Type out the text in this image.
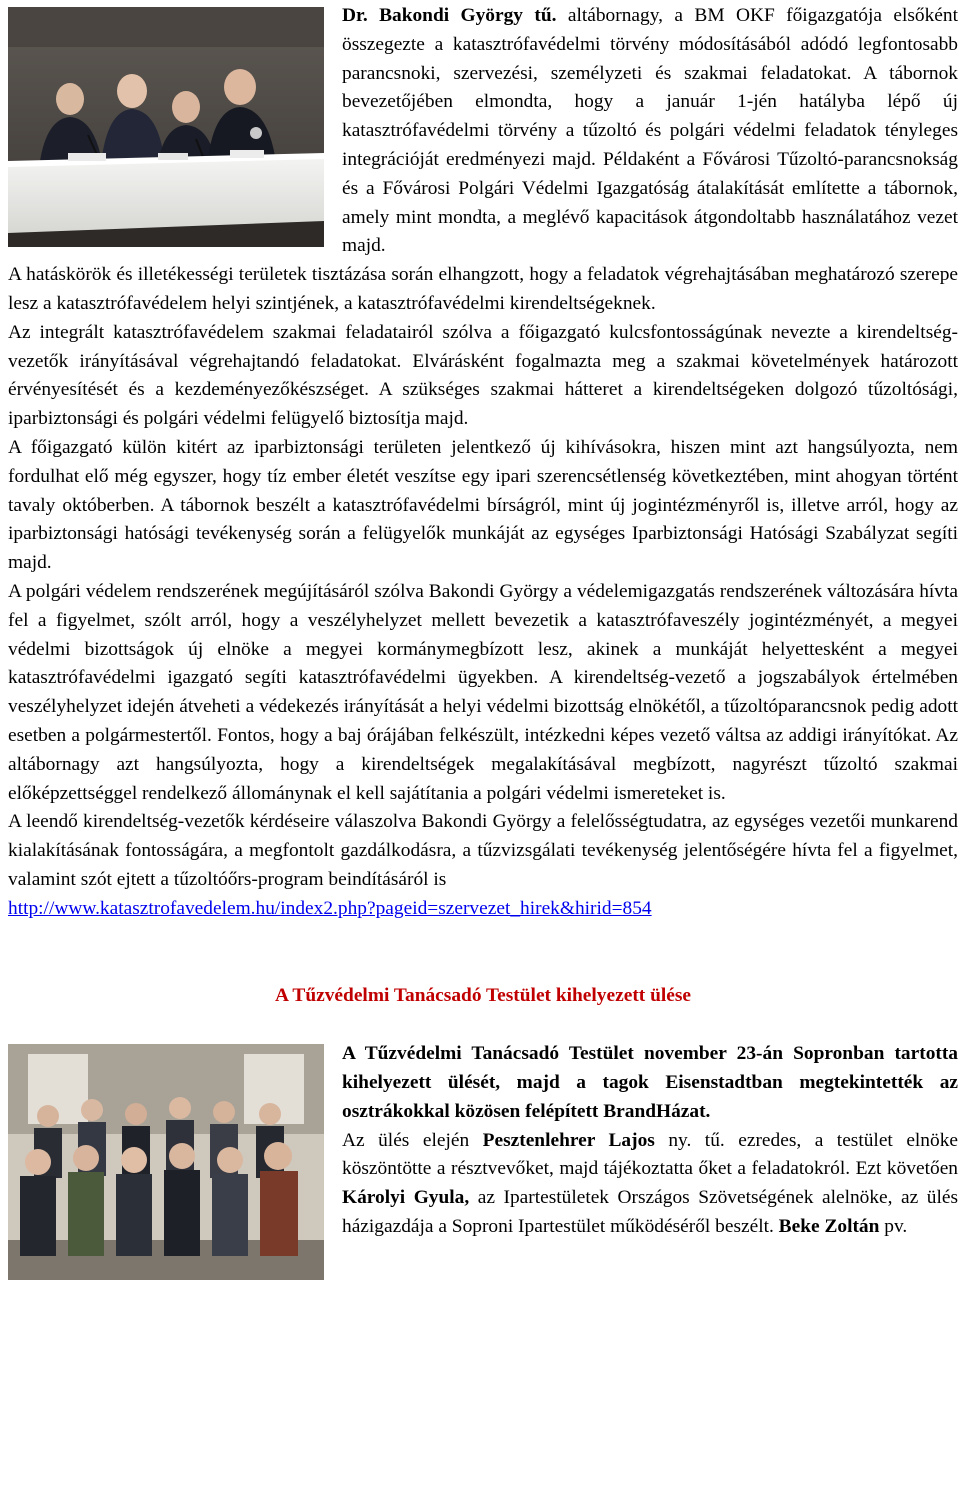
Dr. Bakondi György tű. altábornagy, a BM OKF főigazgatója elsőként összegezte a katasztrófavédelmi törvény módosításából adódó legfontosabb parancsnoki, szervezési, személyzeti és szakmai feladatokat. A tábornok bevezetőjében elmondta, hogy a január 1-jén hatályba lépő új katasztrófavédelmi törvény a tűzoltó és polgári védelmi feladatok tényleges integrációját eredményezi majd. Példaként a Fővárosi Tűzoltó-parancsnokság és a Fővárosi Polgári Védelmi Igazgatóság átalakítását említette a tábornok, amely mint mondta, a meglévő kapacitások átgondoltabb használatához vezet majd.

A hatáskörök és illetékességi területek tisztázása során elhangzott, hogy a feladatok végrehajtásában meghatározó szerepe lesz a katasztrófavédelem helyi szintjének, a katasztrófavédelmi kirendeltségeknek.

Az integrált katasztrófavédelem szakmai feladatairól szólva a főigazgató kulcsfontosságúnak nevezte a kirendeltség-vezetők irányításával végrehajtandó feladatokat. Elvárásként fogalmazta meg a szakmai követelmények határozott érvényesítését és a kezdeményezőkészséget. A szükséges szakmai hátteret a kirendeltségeken dolgozó tűzoltósági, iparbiztonsági és polgári védelmi felügyelő biztosítja majd.

A főigazgató külön kitért az iparbiztonsági területen jelentkező új kihívásokra, hiszen mint azt hangsúlyozta, nem fordulhat elő még egyszer, hogy tíz ember életét veszítse egy ipari szerencsétlenség következtében, mint ahogyan történt tavaly októberben. A tábornok beszélt a katasztrófavédelmi bírságról, mint új jogintézményről is, illetve arról, hogy az iparbiztonsági hatósági tevékenység során a felügyelők munkáját az egységes Iparbiztonsági Hatósági Szabályzat segíti majd.

A polgári védelem rendszerének megújításáról szólva Bakondi György a védelemigazgatás rendszerének változására hívta fel a figyelmet, szólt arról, hogy a veszélyhelyzet mellett bevezetik a katasztrófaveszély jogintézményét, a megyei védelmi bizottságok új elnöke a megyei kormánymegbízott lesz, akinek a munkáját helyettesként a megyei katasztrófavédelmi igazgató segíti katasztrófavédelmi ügyekben. A kirendeltség-vezető a jogszabályok értelmében veszélyhelyzet idején átveheti a védekezés irányítását a helyi védelmi bizottság elnökétől, a tűzoltóparancsnok pedig adott esetben a polgármestertől. Fontos, hogy a baj órájában felkészült, intézkedni képes vezető váltsa az addigi irányítókat. Az altábornagy azt hangsúlyozta, hogy a kirendeltségek megalakításával megbízott, nagyrészt tűzoltó szakmai előképzettséggel rendelkező állománynak el kell sajátítania a polgári védelmi ismereteket is.

A leendő kirendeltség-vezetők kérdéseire válaszolva Bakondi György a felelősségtudatra, az egységes vezetői munkarend kialakításának fontosságára, a megfontolt gazdálkodásra, a tűzvizsgálati tevékenység jelentőségére hívta fel a figyelmet, valamint szót ejtett a tűzoltóőrs-program beindításáról is

http://www.katasztrofavedelem.hu/index2.php?pageid=szervezet_hirek&hirid=854

A Tűzvédelmi Tanácsadó Testület kihelyezett ülése

A Tűzvédelmi Tanácsadó Testület november 23-án Sopronban tartotta kihelyezett ülését, majd a tagok Eisenstadtban megtekintették az osztrákokkal közösen felépített BrandHázat.

Az ülés elején Pesztenlehrer Lajos ny. tű. ezredes, a testület elnöke köszöntötte a résztvevőket, majd tájékoztatta őket a feladatokról. Ezt követően Károlyi Gyula, az Ipartestületek Országos Szövetségének alelnöke, az ülés házigazdája a Soproni Ipartestület működéséről beszélt. Beke Zoltán pv.
